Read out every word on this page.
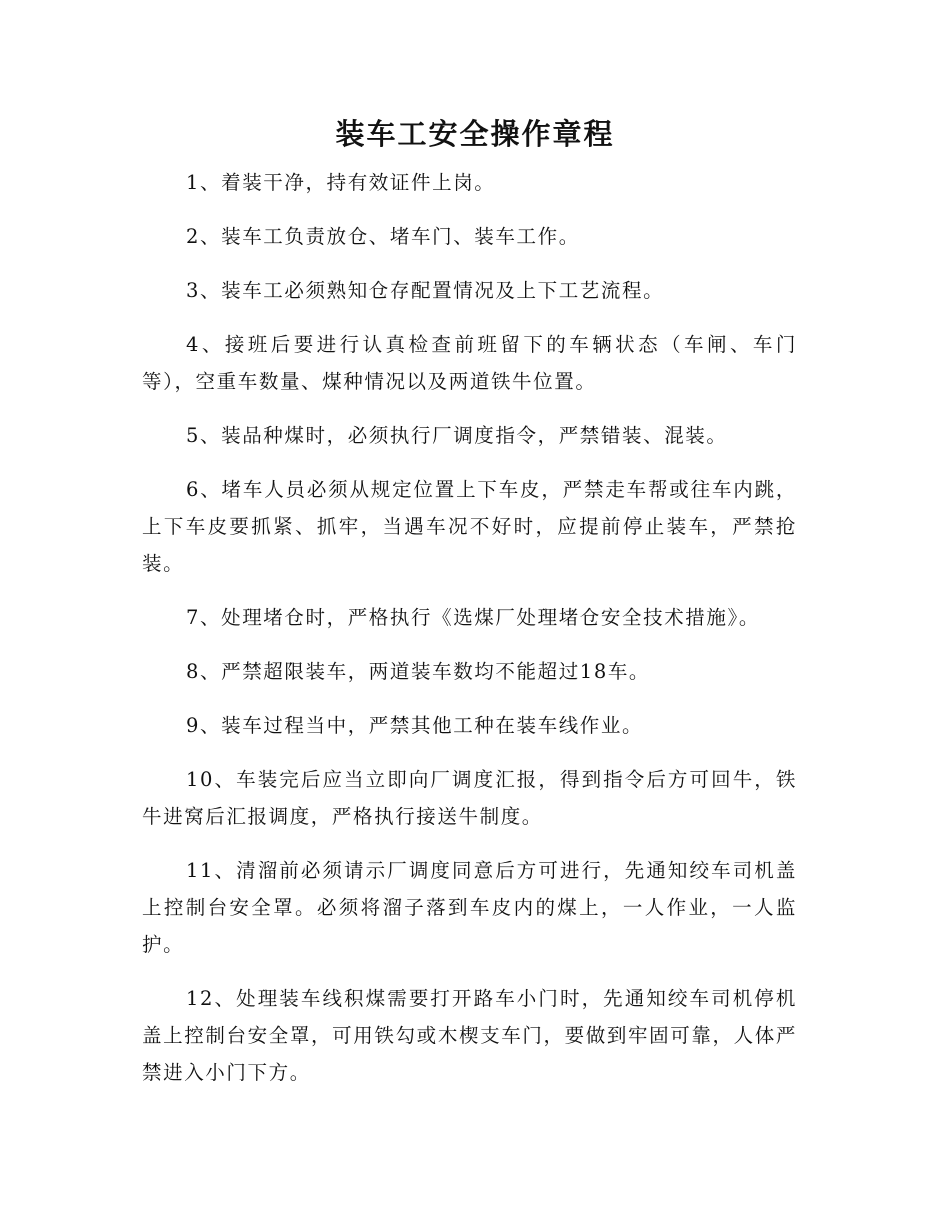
装车工安全操作章程

1、着装干净，持有效证件上岗。

2、装车工负责放仓、堵车门、装车工作。

3、装车工必须熟知仓存配置情况及上下工艺流程。

4、接班后要进行认真检查前班留下的车辆状态（车闸、车门等），空重车数量、煤种情况以及两道铁牛位置。

5、装品种煤时，必须执行厂调度指令，严禁错装、混装。

6、堵车人员必须从规定位置上下车皮，严禁走车帮或往车内跳，上下车皮要抓紧、抓牢，当遇车况不好时，应提前停止装车，严禁抢装。

7、处理堵仓时，严格执行《选煤厂处理堵仓安全技术措施》。

8、严禁超限装车，两道装车数均不能超过18车。

9、装车过程当中，严禁其他工种在装车线作业。

10、车装完后应当立即向厂调度汇报，得到指令后方可回牛，铁牛进窝后汇报调度，严格执行接送牛制度。

11、清溜前必须请示厂调度同意后方可进行，先通知绞车司机盖上控制台安全罩。必须将溜子落到车皮内的煤上，一人作业，一人监护。

12、处理装车线积煤需要打开路车小门时，先通知绞车司机停机盖上控制台安全罩，可用铁勾或木楔支车门，要做到牢固可靠，人体严禁进入小门下方。
